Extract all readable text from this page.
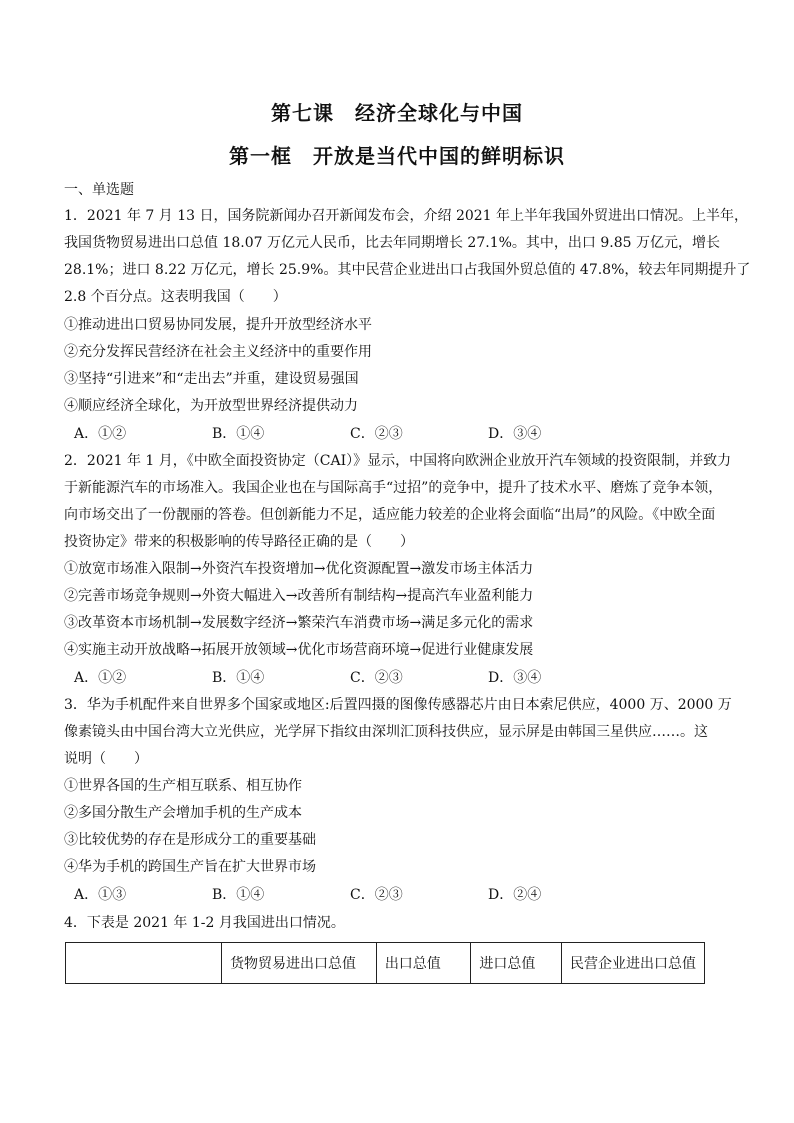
第七课　经济全球化与中国
第一框　开放是当代中国的鲜明标识
一、单选题
1．2021 年 7 月 13 日，国务院新闻办召开新闻发布会，介绍 2021 年上半年我国外贸进出口情况。上半年，
我国货物贸易进出口总值 18.07 万亿元人民币，比去年同期增长 27.1%。其中，出口 9.85 万亿元，增长
28.1%；进口 8.22 万亿元，增长 25.9%。其中民营企业进出口占我国外贸总值的 47.8%，较去年同期提升了
2.8 个百分点。这表明我国（　　）
①推动进出口贸易协同发展，提升开放型经济水平
②充分发挥民营经济在社会主义经济中的重要作用
③坚持“引进来”和“走出去”并重，建设贸易强国
④顺应经济全球化，为开放型世界经济提供动力
A．①②	B．①④	C．②③	D．③④
2．2021 年 1 月，《中欧全面投资协定（CAI）》显示，中国将向欧洲企业放开汽车领域的投资限制，并致力
于新能源汽车的市场准入。我国企业也在与国际高手“过招”的竞争中，提升了技术水平、磨炼了竞争本领，
向市场交出了一份靓丽的答卷。但创新能力不足，适应能力较差的企业将会面临“出局”的风险。《中欧全面
投资协定》带来的积极影响的传导路径正确的是（　　）
①放宽市场准入限制→外资汽车投资增加→优化资源配置→激发市场主体活力
②完善市场竞争规则→外资大幅进入→改善所有制结构→提高汽车业盈利能力
③改革资本市场机制→发展数字经济→繁荣汽车消费市场→满足多元化的需求
④实施主动开放战略→拓展开放领域→优化市场营商环境→促进行业健康发展
A．①②	B．①④	C．②③	D．③④
3．华为手机配件来自世界多个国家或地区:后置四摄的图像传感器芯片由日本索尼供应，4000 万、2000 万
像素镜头由中国台湾大立光供应，光学屏下指纹由深圳汇顶科技供应，显示屏是由韩国三星供应……。这
说明（　　）
①世界各国的生产相互联系、相互协作
②多国分散生产会增加手机的生产成本
③比较优势的存在是形成分工的重要基础
④华为手机的跨国生产旨在扩大世界市场
A．①③	B．①④	C．②③	D．②④
4．下表是 2021 年 1-2 月我国进出口情况。
	货物贸易进出口总值	出口总值	进口总值	民营企业进出口总值
